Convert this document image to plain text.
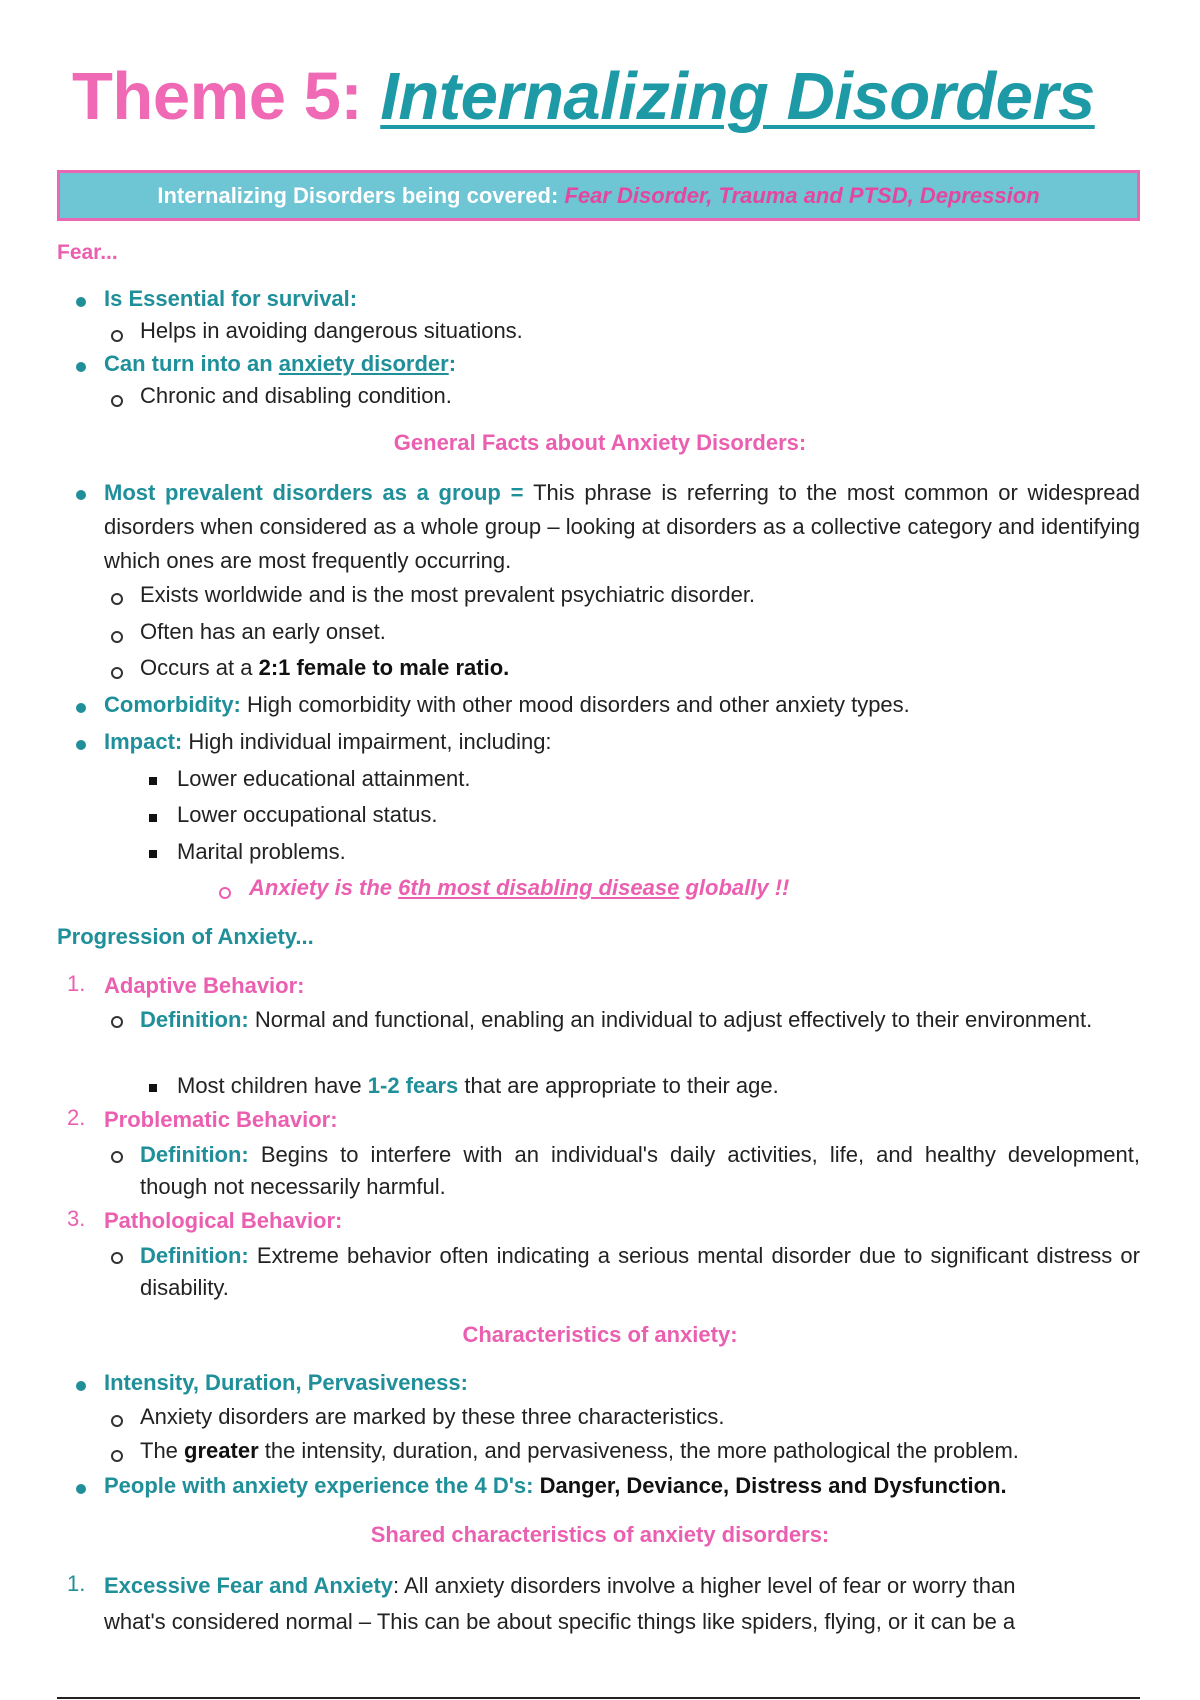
Theme 5: Internalizing Disorders
Internalizing Disorders being covered: Fear Disorder, Trauma and PTSD, Depression
Fear...
Is Essential for survival:
Helps in avoiding dangerous situations.
Can turn into an anxiety disorder:
Chronic and disabling condition.
General Facts about Anxiety Disorders:
Most prevalent disorders as a group = This phrase is referring to the most common or widespread disorders when considered as a whole group – looking at disorders as a collective category and identifying which ones are most frequently occurring.
Exists worldwide and is the most prevalent psychiatric disorder.
Often has an early onset.
Occurs at a 2:1 female to male ratio.
Comorbidity: High comorbidity with other mood disorders and other anxiety types.
Impact: High individual impairment, including:
Lower educational attainment.
Lower occupational status.
Marital problems.
Anxiety is the 6th most disabling disease globally !!
Progression of Anxiety...
1. Adaptive Behavior:
Definition: Normal and functional, enabling an individual to adjust effectively to their environment.
Most children have 1-2 fears that are appropriate to their age.
2. Problematic Behavior:
Definition: Begins to interfere with an individual's daily activities, life, and healthy development, though not necessarily harmful.
3. Pathological Behavior:
Definition: Extreme behavior often indicating a serious mental disorder due to significant distress or disability.
Characteristics of anxiety:
Intensity, Duration, Pervasiveness:
Anxiety disorders are marked by these three characteristics.
The greater the intensity, duration, and pervasiveness, the more pathological the problem.
People with anxiety experience the 4 D's: Danger, Deviance, Distress and Dysfunction.
Shared characteristics of anxiety disorders:
1. Excessive Fear and Anxiety: All anxiety disorders involve a higher level of fear or worry than
what's considered normal – This can be about specific things like spiders, flying, or it can be a
